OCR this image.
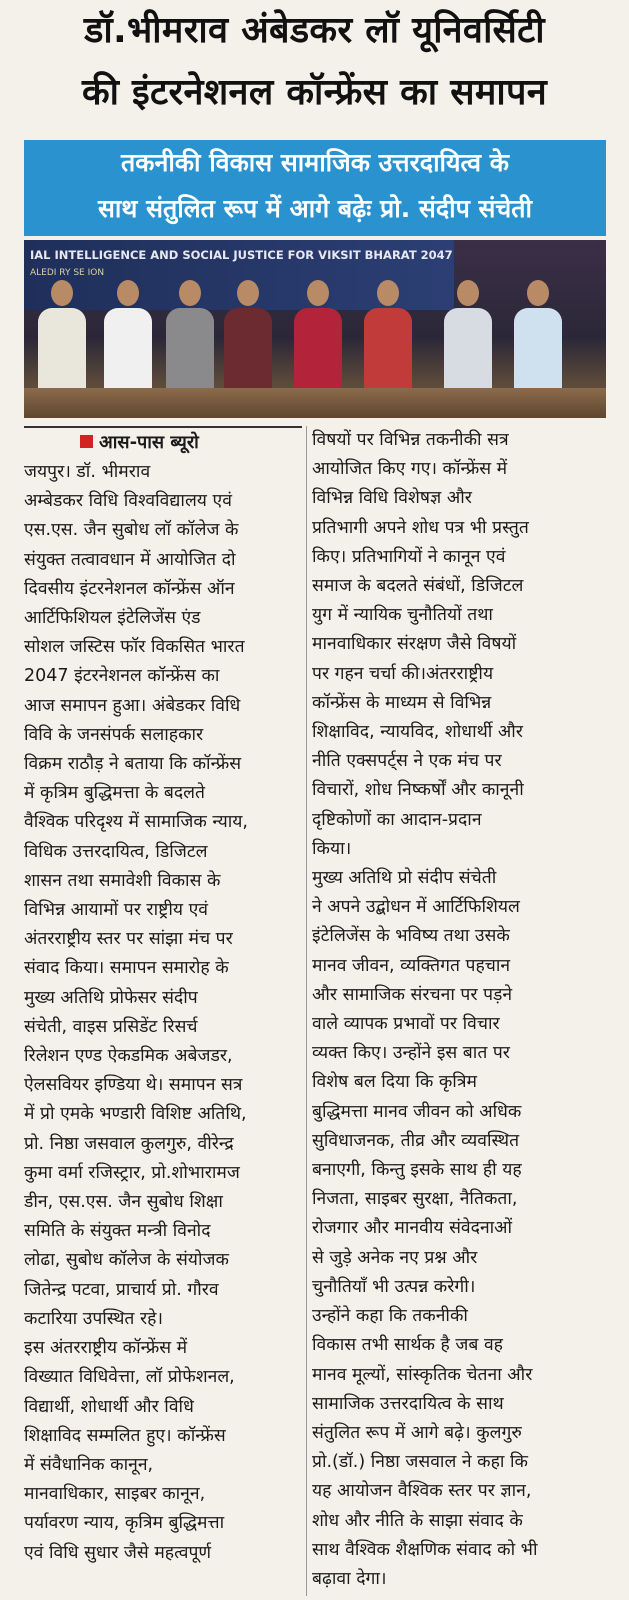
डॉ.भीमराव अंबेडकर लॉ यूनिवर्सिटी
की इंटरनेशनल कॉन्फ्रेंस का समापन
तकनीकी विकास सामाजिक उत्तरदायित्व के
साथ संतुलित रूप में आगे बढ़ेः प्रो. संदीप संचेती
IAL INTELLIGENCE AND SOCIAL JUSTICE FOR VIKSIT BHARAT 2047
ALEDI RY SE ION
आस-पास ब्यूरो
जयपुर। डॉ. भीमराव
अम्बेडकर विधि विश्वविद्यालय एवं
एस.एस. जैन सुबोध लॉ कॉलेज के
संयुक्त तत्वावधान में आयोजित दो
दिवसीय इंटरनेशनल कॉन्फ्रेंस ऑन
आर्टिफिशियल इंटेलिजेंस एंड
सोशल जस्टिस फॉर विकसित भारत
2047 इंटरनेशनल कॉन्फ्रेंस का
आज समापन हुआ। अंबेडकर विधि
विवि के जनसंपर्क सलाहकार
विक्रम राठौड़ ने बताया कि कॉन्फ्रेंस
में कृत्रिम बुद्धिमत्ता के बदलते
वैश्विक परिदृश्य में सामाजिक न्याय,
विधिक उत्तरदायित्व, डिजिटल
शासन तथा समावेशी विकास के
विभिन्न आयामों पर राष्ट्रीय एवं
अंतरराष्ट्रीय स्तर पर सांझा मंच पर
संवाद किया। समापन समारोह के
मुख्य अतिथि प्रोफेसर संदीप
संचेती, वाइस प्रसिडेंट रिसर्च
रिलेशन एण्ड ऐकडमिक अबेजडर,
ऐलसवियर इण्डिया थे। समापन सत्र
में प्रो एमके भण्डारी विशिष्ट अतिथि,
प्रो. निष्ठा जसवाल कुलगुरु, वीरेन्द्र
कुमा वर्मा रजिस्ट्रार, प्रो.शोभारामज
डीन, एस.एस. जैन सुबोध शिक्षा
समिति के संयुक्त मन्त्री विनोद
लोढा, सुबोध कॉलेज के संयोजक
जितेन्द्र पटवा, प्राचार्य प्रो. गौरव
कटारिया उपस्थित रहे।
इस अंतरराष्ट्रीय कॉन्फ्रेंस में
विख्यात विधिवेत्ता, लॉ प्रोफेशनल,
विद्यार्थी, शोधार्थी और विधि
शिक्षाविद सम्मलित हुए। कॉन्फ्रेंस
में संवैधानिक कानून,
मानवाधिकार, साइबर कानून,
पर्यावरण न्याय, कृत्रिम बुद्धिमत्ता
एवं विधि सुधार जैसे महत्वपूर्ण
विषयों पर विभिन्न तकनीकी सत्र
आयोजित किए गए। कॉन्फ्रेंस में
विभिन्न विधि विशेषज्ञ और
प्रतिभागी अपने शोध पत्र भी प्रस्तुत
किए। प्रतिभागियों ने कानून एवं
समाज के बदलते संबंधों, डिजिटल
युग में न्यायिक चुनौतियों तथा
मानवाधिकार संरक्षण जैसे विषयों
पर गहन चर्चा की।अंतरराष्ट्रीय
कॉन्फ्रेंस के माध्यम से विभिन्न
शिक्षाविद, न्यायविद, शोधार्थी और
नीति एक्सपर्ट्स ने एक मंच पर
विचारों, शोध निष्कर्षों और कानूनी
दृष्टिकोणों का आदान-प्रदान
किया।
मुख्य अतिथि प्रो संदीप संचेती
ने अपने उद्बोधन में आर्टिफिशियल
इंटेलिजेंस के भविष्य तथा उसके
मानव जीवन, व्यक्तिगत पहचान
और सामाजिक संरचना पर पड़ने
वाले व्यापक प्रभावों पर विचार
व्यक्त किए। उन्होंने इस बात पर
विशेष बल दिया कि कृत्रिम
बुद्धिमत्ता मानव जीवन को अधिक
सुविधाजनक, तीव्र और व्यवस्थित
बनाएगी, किन्तु इसके साथ ही यह
निजता, साइबर सुरक्षा, नैतिकता,
रोजगार और मानवीय संवेदनाओं
से जुड़े अनेक नए प्रश्न और
चुनौतियाँ भी उत्पन्न करेगी।
उन्होंने कहा कि तकनीकी
विकास तभी सार्थक है जब वह
मानव मूल्यों, सांस्कृतिक चेतना और
सामाजिक उत्तरदायित्व के साथ
संतुलित रूप में आगे बढ़े। कुलगुरु
प्रो.(डॉ.) निष्ठा जसवाल ने कहा कि
यह आयोजन वैश्विक स्तर पर ज्ञान,
शोध और नीति के साझा संवाद के
साथ वैश्विक शैक्षणिक संवाद को भी
बढ़ावा देगा।
